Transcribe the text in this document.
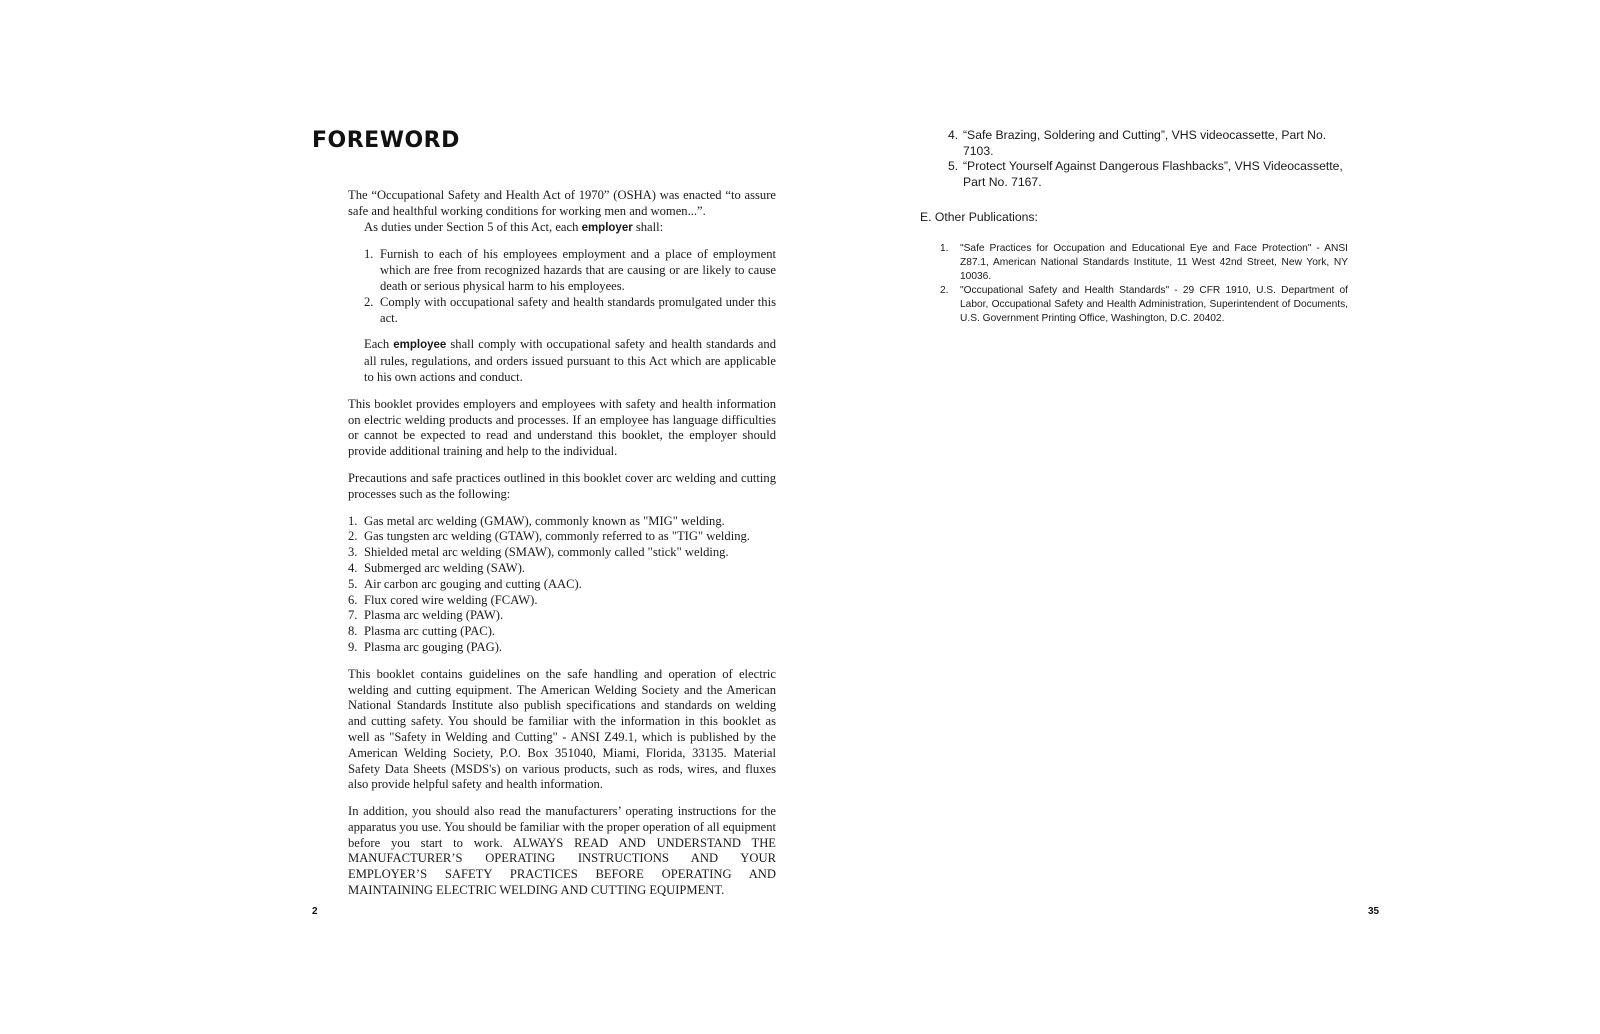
FOREWORD

The “Occupational Safety and Health Act of 1970” (OSHA) was enacted “to assure safe and healthful working conditions for working men and women...”.
As duties under Section 5 of this Act, each employer shall:

1. Furnish to each of his employees employment and a place of employment which are free from recognized hazards that are causing or are likely to cause death or serious physical harm to his employees.
2. Comply with occupational safety and health standards promulgated under this act.

Each employee shall comply with occupational safety and health standards and all rules, regulations, and orders issued pursuant to this Act which are applicable to his own actions and conduct.

This booklet provides employers and employees with safety and health information on electric welding products and processes. If an employee has language difficulties or cannot be expected to read and understand this booklet, the employer should provide additional training and help to the individual.

Precautions and safe practices outlined in this booklet cover arc welding and cutting processes such as the following:

1. Gas metal arc welding (GMAW), commonly known as "MIG" welding.
2. Gas tungsten arc welding (GTAW), commonly referred to as "TIG" welding.
3. Shielded metal arc welding (SMAW), commonly called "stick" welding.
4. Submerged arc welding (SAW).
5. Air carbon arc gouging and cutting (AAC).
6. Flux cored wire welding (FCAW).
7. Plasma arc welding (PAW).
8. Plasma arc cutting (PAC).
9. Plasma arc gouging (PAG).

This booklet contains guidelines on the safe handling and operation of electric welding and cutting equipment. The American Welding Society and the American National Standards Institute also publish specifications and standards on welding and cutting safety. You should be familiar with the information in this booklet as well as "Safety in Welding and Cutting" - ANSI Z49.1, which is published by the American Welding Society, P.O. Box 351040, Miami, Florida, 33135. Material Safety Data Sheets (MSDS's) on various products, such as rods, wires, and fluxes also provide helpful safety and health information.

In addition, you should also read the manufacturers’ operating instructions for the apparatus you use. You should be familiar with the proper operation of all equipment before you start to work. ALWAYS READ AND UNDERSTAND THE MANUFACTURER’S OPERATING INSTRUCTIONS AND YOUR EMPLOYER’S SAFETY PRACTICES BEFORE OPERATING AND MAINTAINING ELECTRIC WELDING AND CUTTING EQUIPMENT.

2
4. “Safe Brazing, Soldering and Cutting”, VHS videocassette, Part No. 7103.
5. “Protect Yourself Against Dangerous Flashbacks”, VHS Videocassette, Part No. 7167.
E. Other Publications:
1. "Safe Practices for Occupation and Educational Eye and Face Protection" - ANSI Z87.1, American National Standards Institute, 11 West 42nd Street, New York, NY 10036.
2. "Occupational Safety and Health Standards" - 29 CFR 1910, U.S. Department of Labor, Occupational Safety and Health Administration, Superintendent of Documents, U.S. Government Printing Office, Washington, D.C. 20402.
35
